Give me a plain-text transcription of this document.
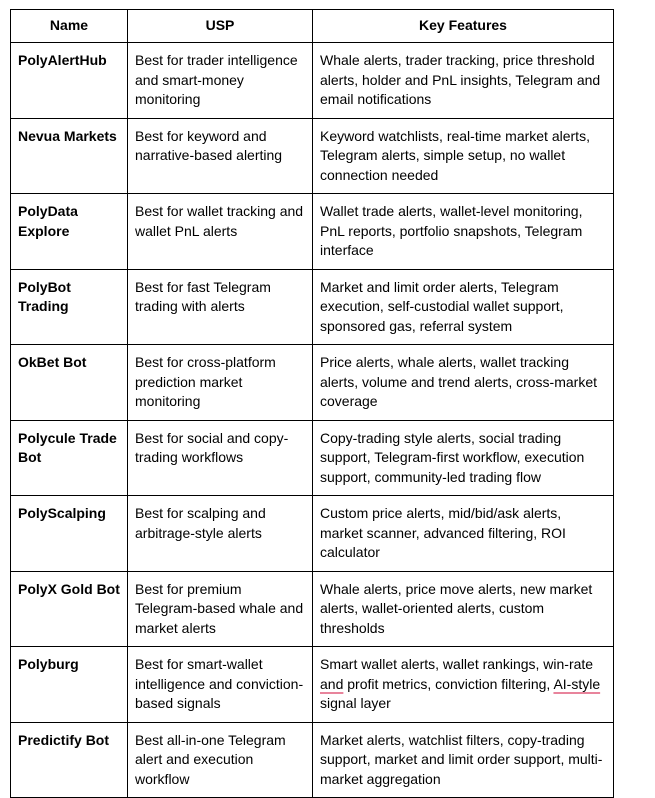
Name	USP	Key Features
PolyAlertHub	Best for trader intelligence and smart-money monitoring	Whale alerts, trader tracking, price threshold alerts, holder and PnL insights, Telegram and email notifications
Nevua Markets	Best for keyword and narrative-based alerting	Keyword watchlists, real-time market alerts, Telegram alerts, simple setup, no wallet connection needed
PolyData Explore	Best for wallet tracking and wallet PnL alerts	Wallet trade alerts, wallet-level monitoring, PnL reports, portfolio snapshots, Telegram interface
PolyBot Trading	Best for fast Telegram trading with alerts	Market and limit order alerts, Telegram execution, self-custodial wallet support, sponsored gas, referral system
OkBet Bot	Best for cross-platform prediction market monitoring	Price alerts, whale alerts, wallet tracking alerts, volume and trend alerts, cross-market coverage
Polycule Trade Bot	Best for social and copy-trading workflows	Copy-trading style alerts, social trading support, Telegram-first workflow, execution support, community-led trading flow
PolyScalping	Best for scalping and arbitrage-style alerts	Custom price alerts, mid/bid/ask alerts, market scanner, advanced filtering, ROI calculator
PolyX Gold Bot	Best for premium Telegram-based whale and market alerts	Whale alerts, price move alerts, new market alerts, wallet-oriented alerts, custom thresholds
Polyburg	Best for smart-wallet intelligence and conviction-based signals	Smart wallet alerts, wallet rankings, win-rate and profit metrics, conviction filtering, AI-style signal layer
Predictify Bot	Best all-in-one Telegram alert and execution workflow	Market alerts, watchlist filters, copy-trading support, market and limit order support, multi-market aggregation
